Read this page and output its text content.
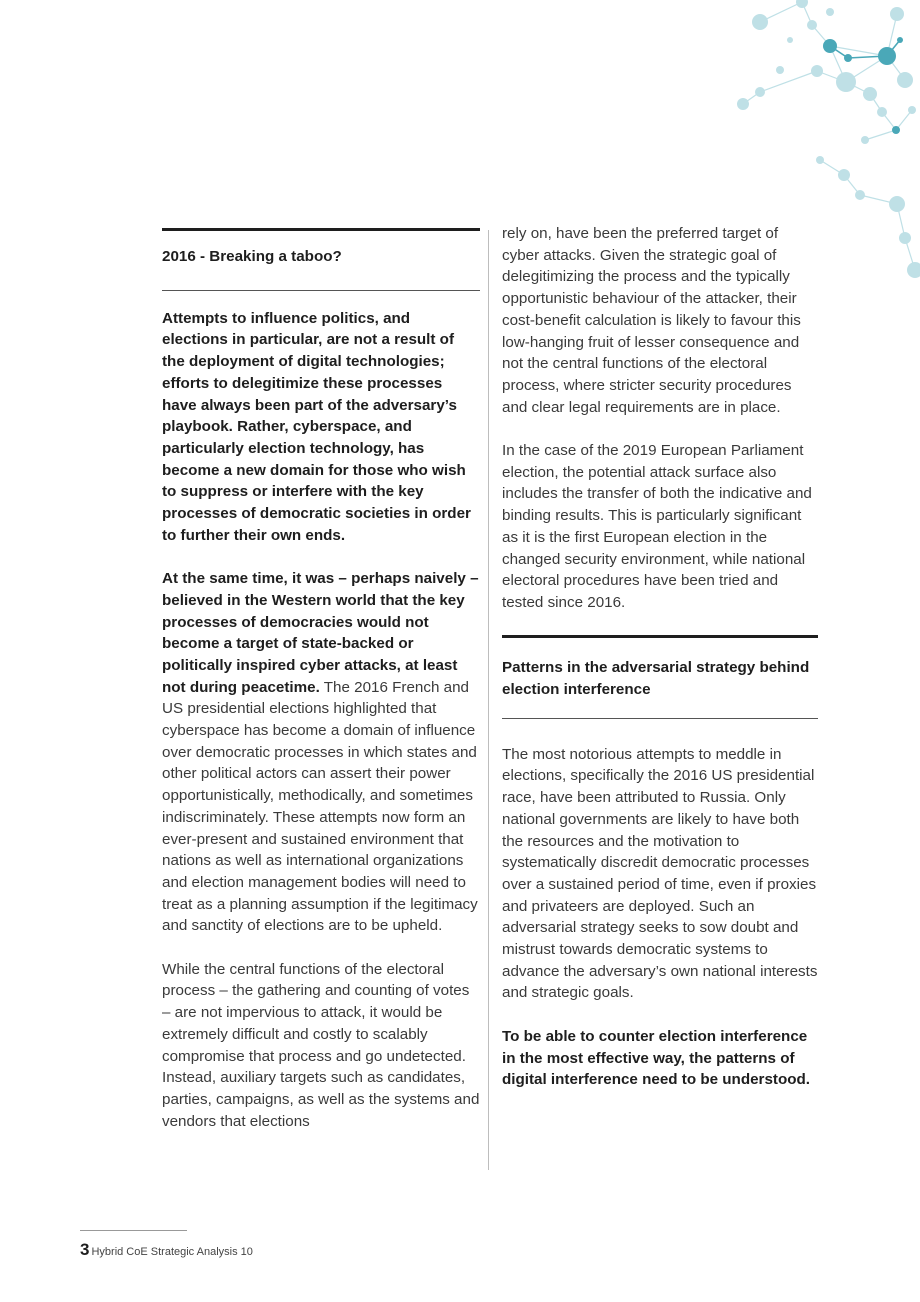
2016 - Breaking a taboo?

Attempts to influence politics, and elections in particular, are not a result of the deployment of digital technologies; efforts to delegitimize these processes have always been part of the adversary’s playbook. Rather, cyberspace, and particularly election technology, has become a new domain for those who wish to suppress or interfere with the key processes of democratic societies in order to further their own ends.

At the same time, it was – perhaps naively – believed in the Western world that the key processes of democracies would not become a target of state-backed or politically inspired cyber attacks, at least not during peacetime. The 2016 French and US presidential elections highlighted that cyberspace has become a domain of influence over democratic processes in which states and other political actors can assert their power opportunistically, methodically, and sometimes indiscriminately. These attempts now form an ever-present and sustained environment that nations as well as international organizations and election management bodies will need to treat as a planning assumption if the legitimacy and sanctity of elections are to be upheld.

While the central functions of the electoral process – the gathering and counting of votes – are not impervious to attack, it would be extremely difficult and costly to scalably compromise that process and go undetected. Instead, auxiliary targets such as candidates, parties, campaigns, as well as the systems and vendors that elections

rely on, have been the preferred target of cyber attacks. Given the strategic goal of delegitimizing the process and the typically opportunistic behaviour of the attacker, their cost-benefit calculation is likely to favour this low-hanging fruit of lesser consequence and not the central functions of the electoral process, where stricter security procedures and clear legal requirements are in place.

In the case of the 2019 European Parliament election, the potential attack surface also includes the transfer of both the indicative and binding results. This is particularly significant as it is the first European election in the changed security environment, while national electoral procedures have been tried and tested since 2016.

Patterns in the adversarial strategy behind election interference

The most notorious attempts to meddle in elections, specifically the 2016 US presidential race, have been attributed to Russia. Only national governments are likely to have both the resources and the motivation to systematically discredit democratic processes over a sustained period of time, even if proxies and privateers are deployed. Such an adversarial strategy seeks to sow doubt and mistrust towards democratic systems to advance the adversary’s own national interests and strategic goals.

To be able to counter election interference in the most effective way, the patterns of digital interference need to be understood.

3 Hybrid CoE Strategic Analysis 10
